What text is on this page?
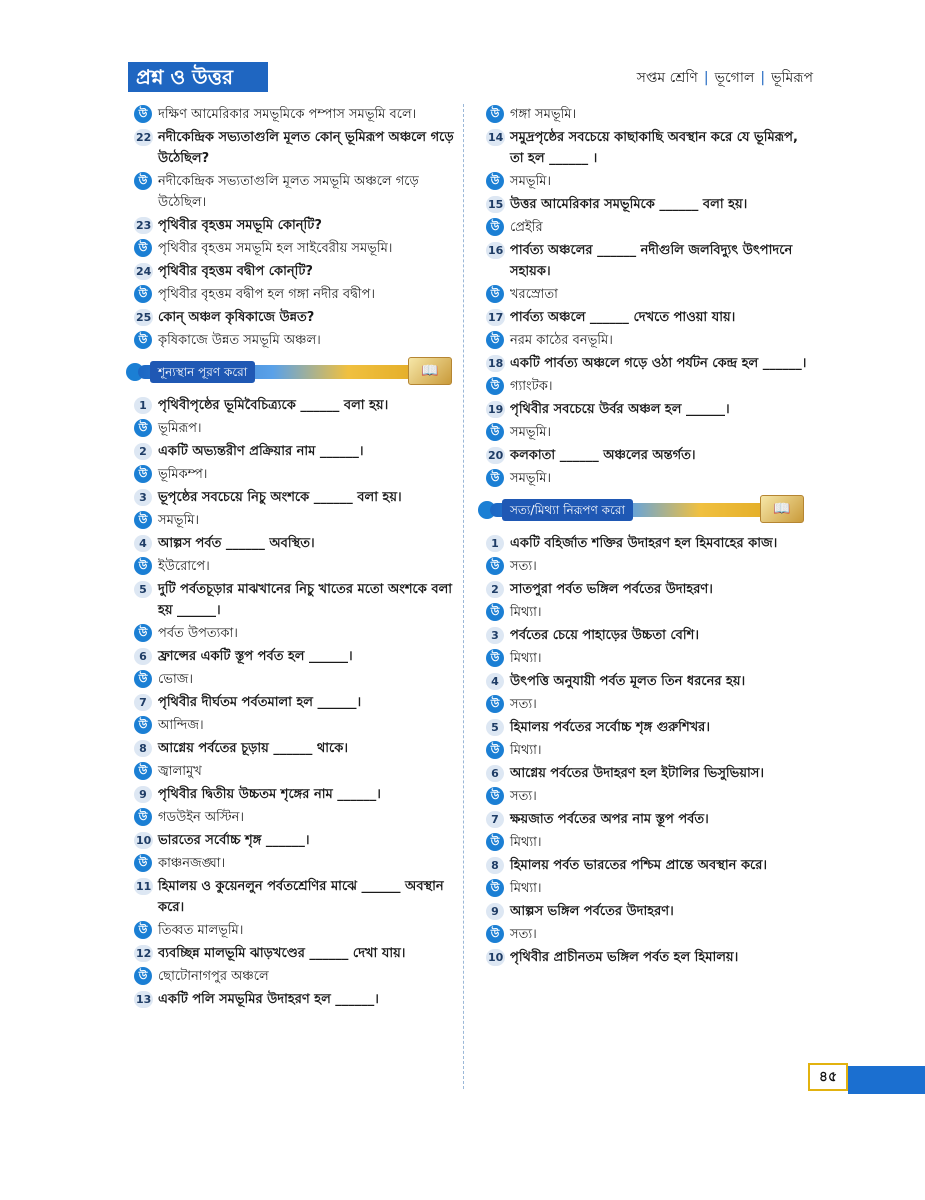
প্রশ্ন ও উত্তর	সপ্তম শ্রেণি | ভূগোল | ভূমিরূপ
উ দক্ষিণ আমেরিকার সমভূমিকে পম্পাস সমভূমি বলে।
22 নদীকেন্দ্রিক সভ্যতাগুলি মূলত কোন্ ভূমিরূপ অঞ্চলে গড়ে উঠেছিল?
উ নদীকেন্দ্রিক সভ্যতাগুলি মূলত সমভূমি অঞ্চলে গড়ে উঠেছিল।
23 পৃথিবীর বৃহত্তম সমভূমি কোন্‌টি?
উ পৃথিবীর বৃহত্তম সমভূমি হল সাইবেরীয় সমভূমি।
24 পৃথিবীর বৃহত্তম বদ্বীপ কোন্‌টি?
উ পৃথিবীর বৃহত্তম বদ্বীপ হল গঙ্গা নদীর বদ্বীপ।
25 কোন্ অঞ্চল কৃষিকাজে উন্নত?
উ কৃষিকাজে উন্নত সমভূমি অঞ্চল।
শূন্যস্থান পূরণ করো	📖
1 পৃথিবীপৃষ্ঠের ভূমিবৈচিত্র্যকে ______ বলা হয়।
উ ভূমিরূপ।
2 একটি অভ্যন্তরীণ প্রক্রিয়ার নাম ______।
উ ভূমিকম্প।
3 ভূপৃষ্ঠের সবচেয়ে নিচু অংশকে ______ বলা হয়।
উ সমভূমি।
4 আল্পস পর্বত ______ অবস্থিত।
উ ইউরোপে।
5 দুটি পর্বতচূড়ার মাঝখানের নিচু খাতের মতো অংশকে বলা হয় ______।
উ পর্বত উপত্যকা।
6 ফ্রান্সের একটি স্তূপ পর্বত হল ______।
উ ভোজ।
7 পৃথিবীর দীর্ঘতম পর্বতমালা হল ______।
উ আন্দিজ।
8 আগ্নেয় পর্বতের চূড়ায় ______ থাকে।
উ জ্বালামুখ
9 পৃথিবীর দ্বিতীয় উচ্চতম শৃঙ্গের নাম ______।
উ গডউইন অস্টিন।
10 ভারতের সর্বোচ্চ শৃঙ্গ ______।
উ কাঞ্চনজঙ্ঘা।
11 হিমালয় ও কুয়েনলুন পর্বতশ্রেণির মাঝে ______ অবস্থান করে।
উ তিব্বত মালভূমি।
12 ব্যবচ্ছিন্ন মালভূমি ঝাড়খণ্ডের ______ দেখা যায়।
উ ছোটোনাগপুর অঞ্চলে
13 একটি পলি সমভূমির উদাহরণ হল ______।
উ গঙ্গা সমভূমি।
14 সমুদ্রপৃষ্ঠের সবচেয়ে কাছাকাছি অবস্থান করে যে ভূমিরূপ, তা হল ______ ।
উ সমভূমি।
15 উত্তর আমেরিকার সমভূমিকে ______ বলা হয়।
উ প্রেইরি
16 পার্বত্য অঞ্চলের ______ নদীগুলি জলবিদ্যুৎ উৎপাদনে সহায়ক।
উ খরস্রোতা
17 পার্বত্য অঞ্চলে ______ দেখতে পাওয়া যায়।
উ নরম কাঠের বনভূমি।
18 একটি পার্বত্য অঞ্চলে গড়ে ওঠা পর্যটন কেন্দ্র হল ______।
উ গ্যাংটক।
19 পৃথিবীর সবচেয়ে উর্বর অঞ্চল হল ______।
উ সমভূমি।
20 কলকাতা ______ অঞ্চলের অন্তর্গত।
উ সমভূমি।
সত্য/মিথ্যা নিরূপণ করো	📖
1 একটি বহির্জাত শক্তির উদাহরণ হল হিমবাহের কাজ।
উ সত্য।
2 সাতপুরা পর্বত ভঙ্গিল পর্বতের উদাহরণ।
উ মিথ্যা।
3 পর্বতের চেয়ে পাহাড়ের উচ্চতা বেশি।
উ মিথ্যা।
4 উৎপত্তি অনুযায়ী পর্বত মূলত তিন ধরনের হয়।
উ সত্য।
5 হিমালয় পর্বতের সর্বোচ্চ শৃঙ্গ গুরুশিখর।
উ মিথ্যা।
6 আগ্নেয় পর্বতের উদাহরণ হল ইটালির ভিসুভিয়াস।
উ সত্য।
7 ক্ষয়জাত পর্বতের অপর নাম স্তূপ পর্বত।
উ মিথ্যা।
8 হিমালয় পর্বত ভারতের পশ্চিম প্রান্তে অবস্থান করে।
উ মিথ্যা।
9 আল্পস ভঙ্গিল পর্বতের উদাহরণ।
উ সত্য।
10 পৃথিবীর প্রাচীনতম ভঙ্গিল পর্বত হল হিমালয়।
৪৫
